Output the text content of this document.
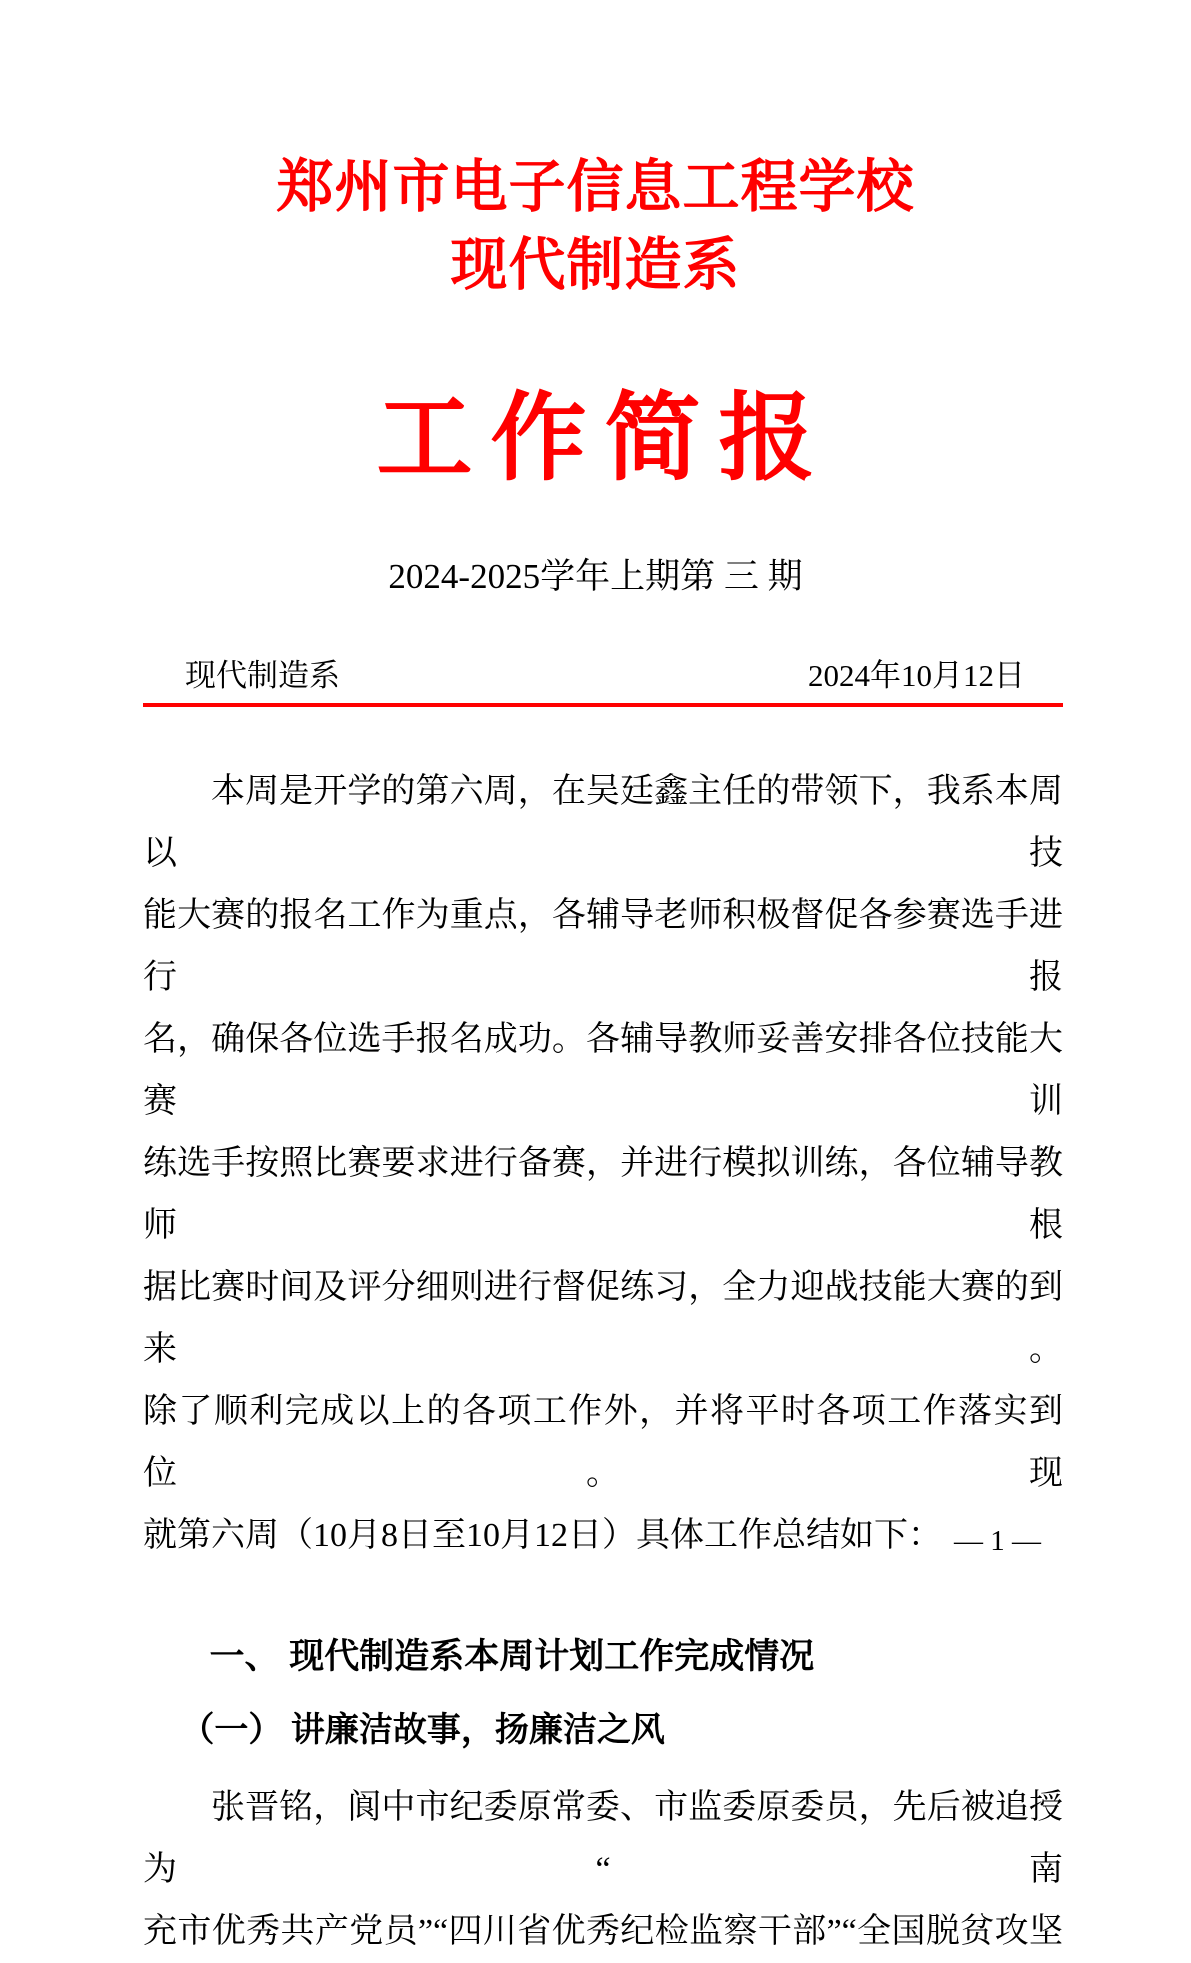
郑州市电子信息工程学校
现代制造系
工作简报
2024-2025学年上期第 三 期
现代制造系	2024年10月12日
本周是开学的第六周，在吴廷鑫主任的带领下，我系本周以技
能大赛的报名工作为重点，各辅导老师积极督促各参赛选手进行报
名，确保各位选手报名成功。各辅导教师妥善安排各位技能大赛训
练选手按照比赛要求进行备赛，并进行模拟训练，各位辅导教师根
据比赛时间及评分细则进行督促练习，全力迎战技能大赛的到来。
除了顺利完成以上的各项工作外，并将平时各项工作落实到位。现
就第六周（10月8日至10月12日）具体工作总结如下：
一、 现代制造系本周计划工作完成情况
（一） 讲廉洁故事，扬廉洁之风
张晋铭，阆中市纪委原常委、市监委原委员，先后被追授为“南
充市优秀共产党员”“四川省优秀纪检监察干部”“全国脱贫攻坚
— 1 —
